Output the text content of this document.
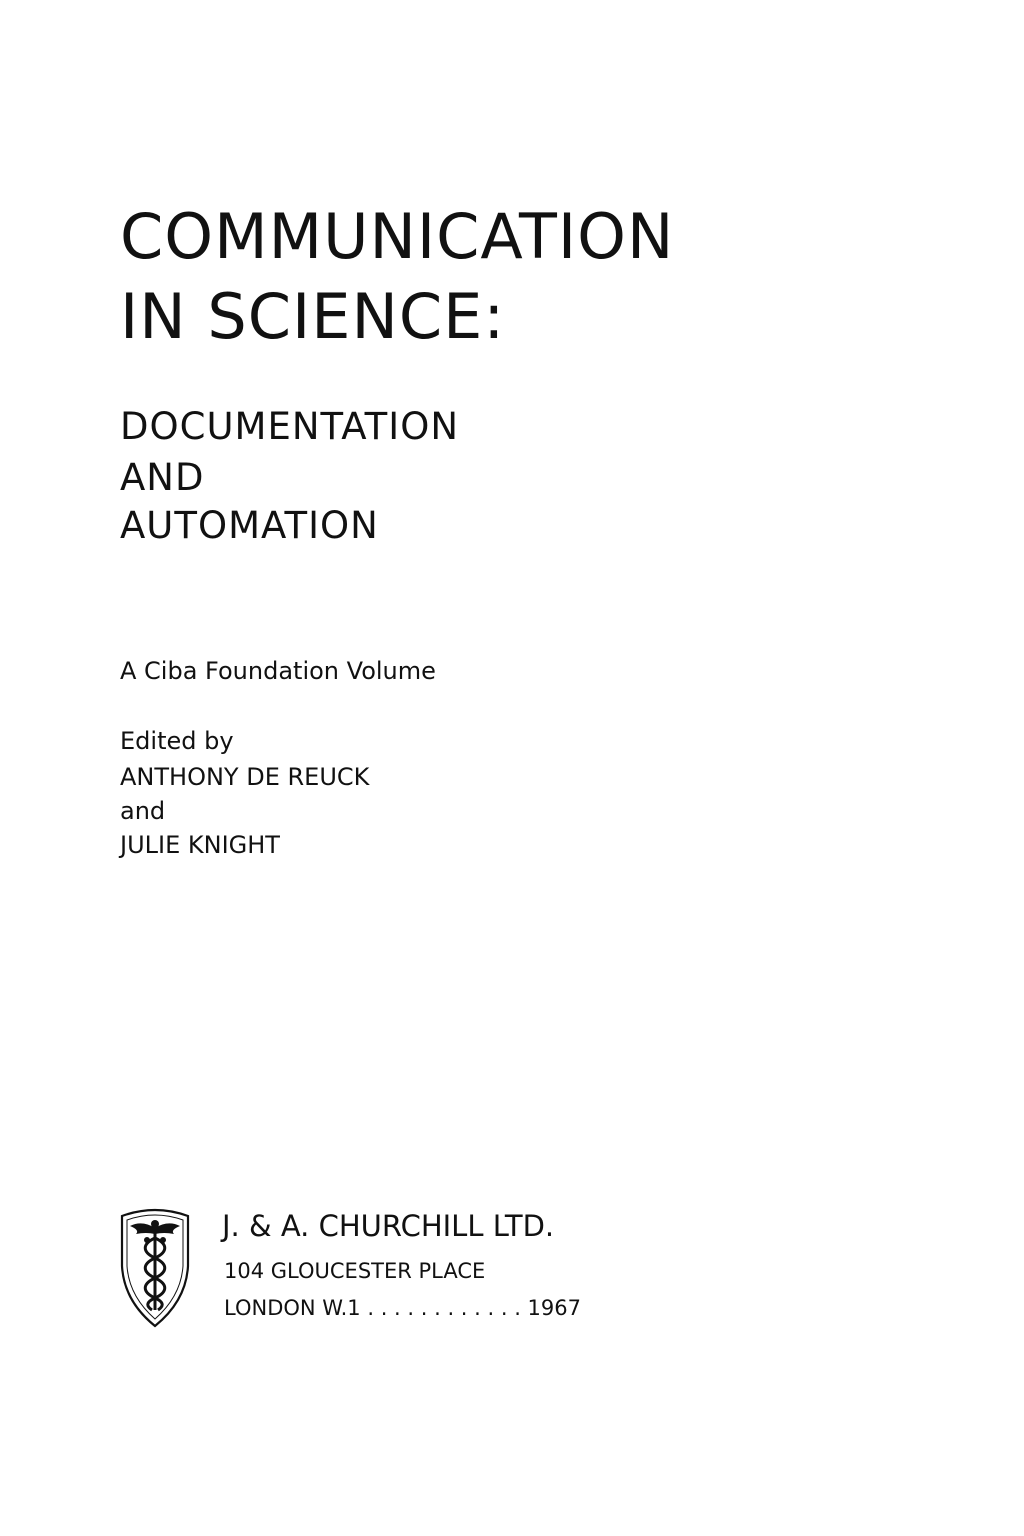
COMMUNICATION
IN SCIENCE:
DOCUMENTATION
AND
AUTOMATION
A Ciba Foundation Volume
Edited by
ANTHONY DE REUCK
and
JULIE KNIGHT
J. & A. CHURCHILL LTD.
104 GLOUCESTER PLACE
LONDON W.1 . . . . . . . . . . . . 1967
